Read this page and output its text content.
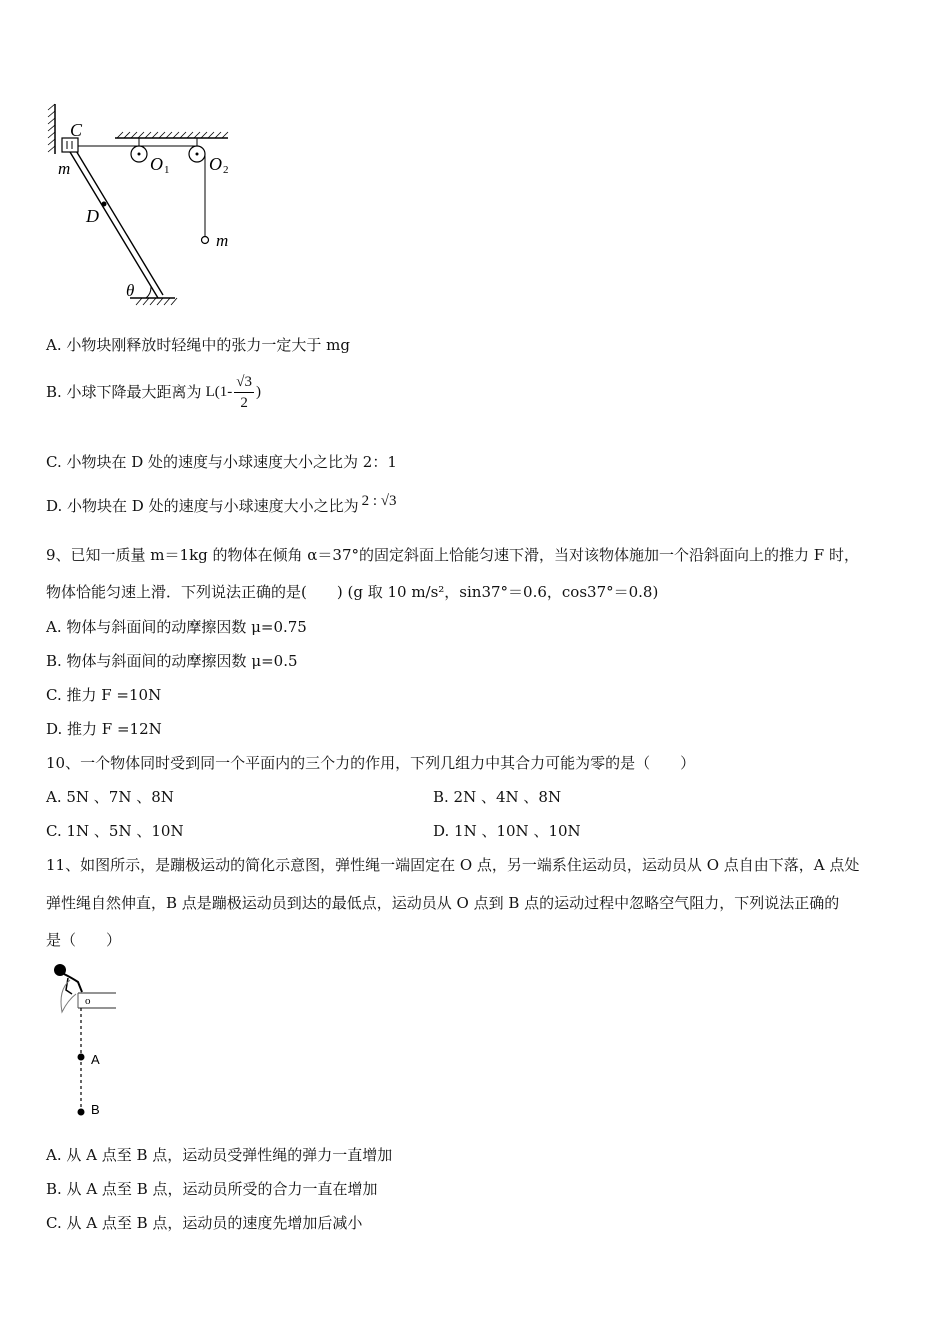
C
m
D
O 1 O 2
m
θ
A. 小物块刚释放时轻绳中的张力一定大于 mg
B. 小球下降最大距离为 $L(1- \frac{√3}{2}$ )
C. 小物块在 D 处的速度与小球速度大小之比为 2：1
D. 小物块在 D 处的速度与小球速度大小之比为 2 : √3
9、已知一质量 m＝1kg 的物体在倾角 α＝37°的固定斜面上恰能匀速下滑，当对该物体施加一个沿斜面向上的推力 F 时，
物体恰能匀速上滑．下列说法正确的是(　　) (g 取 10 m/s²，sin37°＝0.6，cos37°＝0.8)
A. 物体与斜面间的动摩擦因数 μ=0.75
B. 物体与斜面间的动摩擦因数 μ=0.5
C. 推力 F =10N
D. 推力 F =12N
10、一个物体同时受到同一个平面内的三个力的作用，下列几组力中其合力可能为零的是（　　）
A. 5N 、7N 、8N	B. 2N 、4N 、8N
C. 1N 、5N 、10N	D. 1N 、10N 、10N
11、如图所示，是蹦极运动的简化示意图，弹性绳一端固定在 O 点，另一端系住运动员，运动员从 O 点自由下落，A 点处
弹性绳自然伸直，B 点是蹦极运动员到达的最低点，运动员从 O 点到 B 点的运动过程中忽略空气阻力，下列说法正确的
是（　　）
o
A
B
A. 从 A 点至 B 点，运动员受弹性绳的弹力一直增加
B. 从 A 点至 B 点，运动员所受的合力一直在增加
C. 从 A 点至 B 点，运动员的速度先增加后减小
